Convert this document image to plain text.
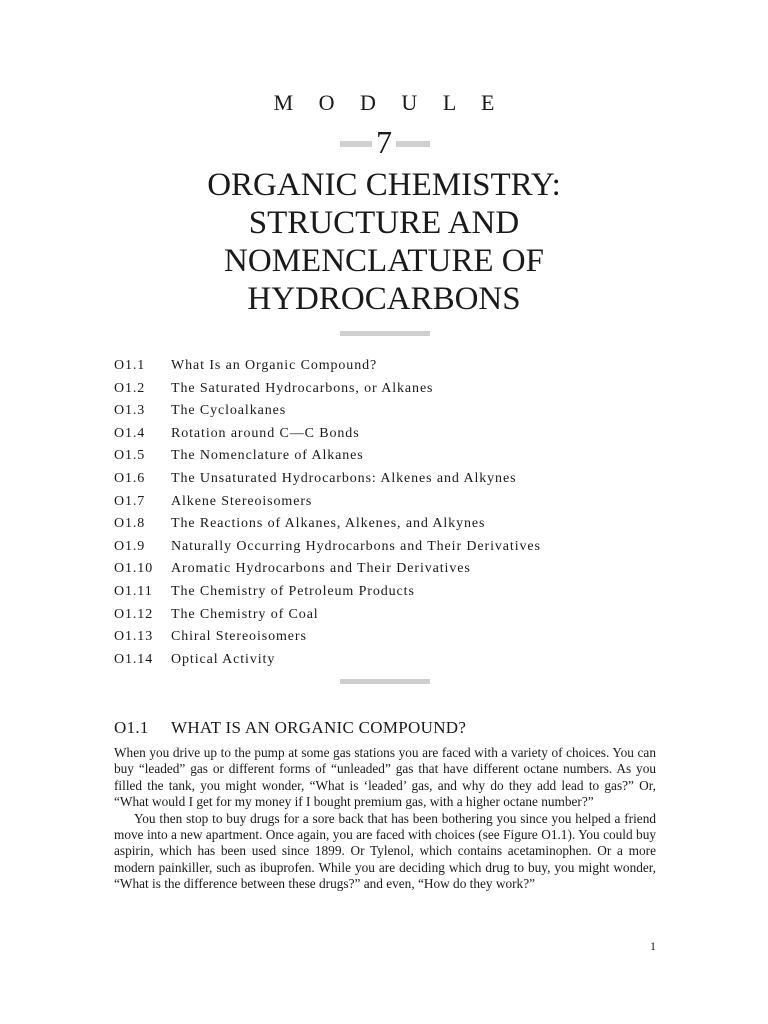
M O D U L E
7
ORGANIC CHEMISTRY:
STRUCTURE AND
NOMENCLATURE OF
HYDROCARBONS
O1.1 What Is an Organic Compound?
O1.2 The Saturated Hydrocarbons, or Alkanes
O1.3 The Cycloalkanes
O1.4 Rotation around C—C Bonds
O1.5 The Nomenclature of Alkanes
O1.6 The Unsaturated Hydrocarbons: Alkenes and Alkynes
O1.7 Alkene Stereoisomers
O1.8 The Reactions of Alkanes, Alkenes, and Alkynes
O1.9 Naturally Occurring Hydrocarbons and Their Derivatives
O1.10 Aromatic Hydrocarbons and Their Derivatives
O1.11 The Chemistry of Petroleum Products
O1.12 The Chemistry of Coal
O1.13 Chiral Stereoisomers
O1.14 Optical Activity
O1.1 WHAT IS AN ORGANIC COMPOUND?

When you drive up to the pump at some gas stations you are faced with a variety of choices. You can buy “leaded” gas or different forms of “unleaded” gas that have different octane numbers. As you filled the tank, you might wonder, “What is ‘leaded’ gas, and why do they add lead to gas?” Or, “What would I get for my money if I bought premium gas, with a higher octane number?”

You then stop to buy drugs for a sore back that has been bothering you since you helped a friend move into a new apartment. Once again, you are faced with choices (see Figure O1.1). You could buy aspirin, which has been used since 1899. Or Tylenol, which contains acetaminophen. Or a more modern painkiller, such as ibuprofen. While you are deciding which drug to buy, you might wonder, “What is the difference between these drugs?” and even, “How do they work?”

1
